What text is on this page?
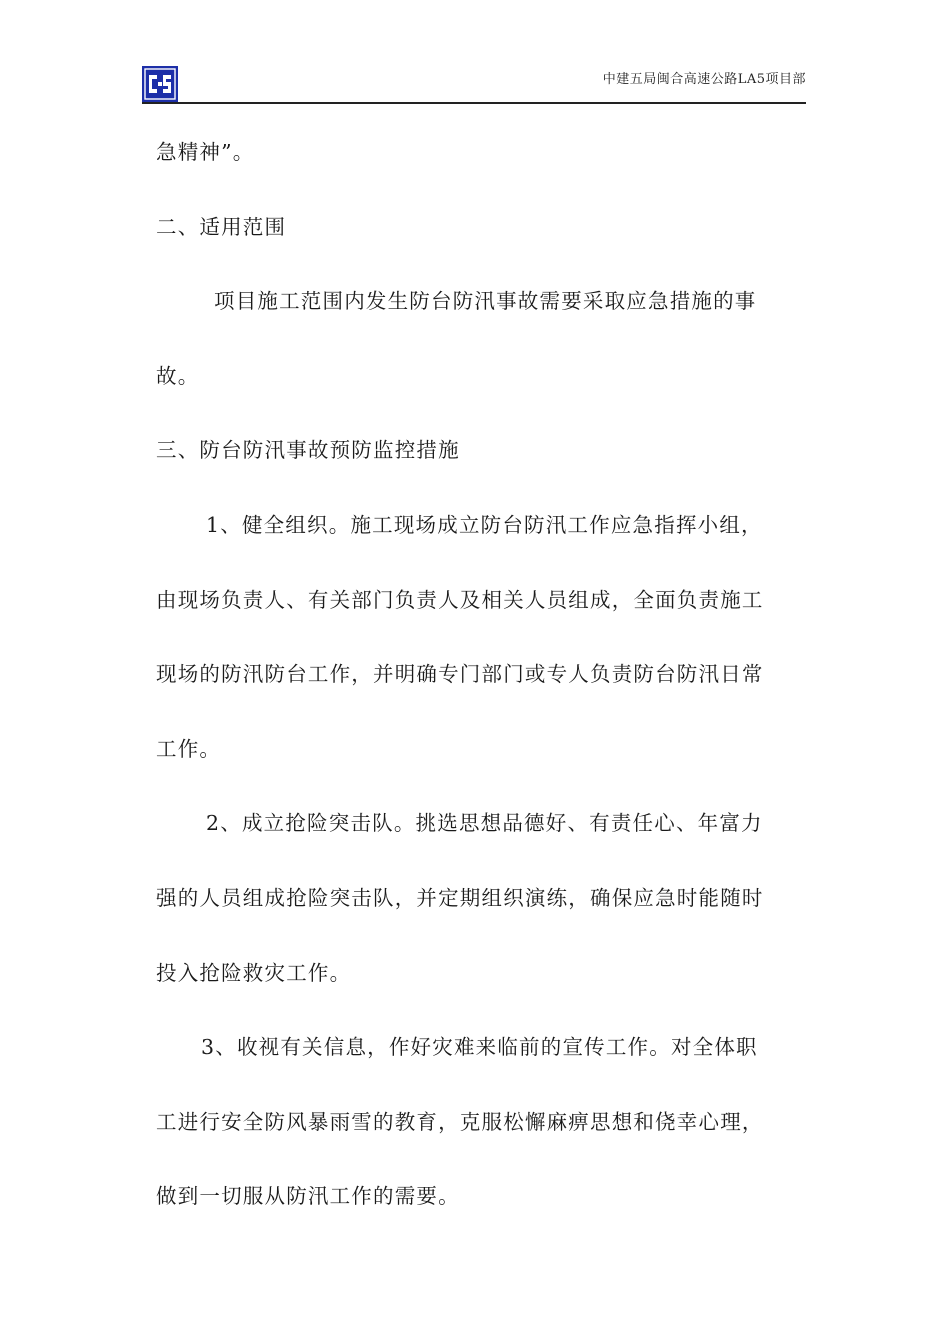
中建五局闽合高速公路LA5项目部
急精神”。
二、适用范围
项目施工范围内发生防台防汛事故需要采取应急措施的事
故。
三、防台防汛事故预防监控措施
1、健全组织。施工现场成立防台防汛工作应急指挥小组，
由现场负责人、有关部门负责人及相关人员组成，全面负责施工
现场的防汛防台工作，并明确专门部门或专人负责防台防汛日常
工作。
2、成立抢险突击队。挑选思想品德好、有责任心、年富力
强的人员组成抢险突击队，并定期组织演练，确保应急时能随时
投入抢险救灾工作。
3、收视有关信息，作好灾难来临前的宣传工作。对全体职
工进行安全防风暴雨雪的教育，克服松懈麻痹思想和侥幸心理，
做到一切服从防汛工作的需要。
